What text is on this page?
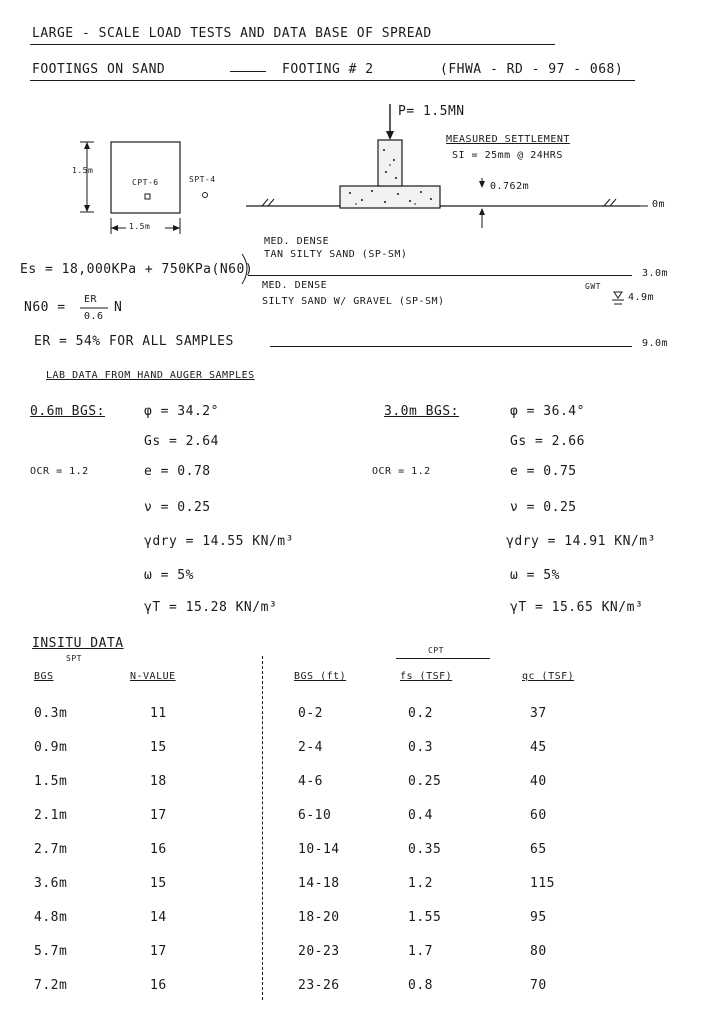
LARGE - SCALE LOAD TESTS AND DATA BASE OF SPREAD
FOOTINGS ON SAND	FOOTING # 2	(FHWA - RD - 97 - 068)
1.5m
1.5m
CPT-6	SPT-4
P= 1.5MN
MEASURED SETTLEMENT
SI = 25mm @ 24HRS
0.762m
0m
MED. DENSE
TAN SILTY SAND (SP-SM)
3.0m
MED. DENSE
SILTY SAND W/ GRAVEL (SP-SM)
GWT
4.9m
Es = 18,000KPa + 750KPa(N60)
N60 =
ER
0.6
N
ER = 54% FOR ALL SAMPLES	9.0m
LAB DATA FROM HAND AUGER SAMPLES
0.6m BGS:	φ = 34.2°
Gs = 2.64
OCR = 1.2	e = 0.78
ν = 0.25
γdry = 14.55 KN/m³
ω = 5%
γT = 15.28 KN/m³
3.0m BGS:	φ = 36.4°
Gs = 2.66
OCR = 1.2	e = 0.75
ν = 0.25
γdry = 14.91 KN/m³
ω = 5%
γT = 15.65 KN/m³
INSITU DATA
SPT
CPT
BGS	N-VALUE	BGS (ft)	fs (TSF)	qc (TSF)
0.3m	11	0-2	0.2	37
0.9m	15	2-4	0.3	45
1.5m	18	4-6	0.25	40
2.1m	17	6-10	0.4	60
2.7m	16	10-14	0.35	65
3.6m	15	14-18	1.2	115
4.8m	14	18-20	1.55	95
5.7m	17	20-23	1.7	80
7.2m	16	23-26	0.8	70
